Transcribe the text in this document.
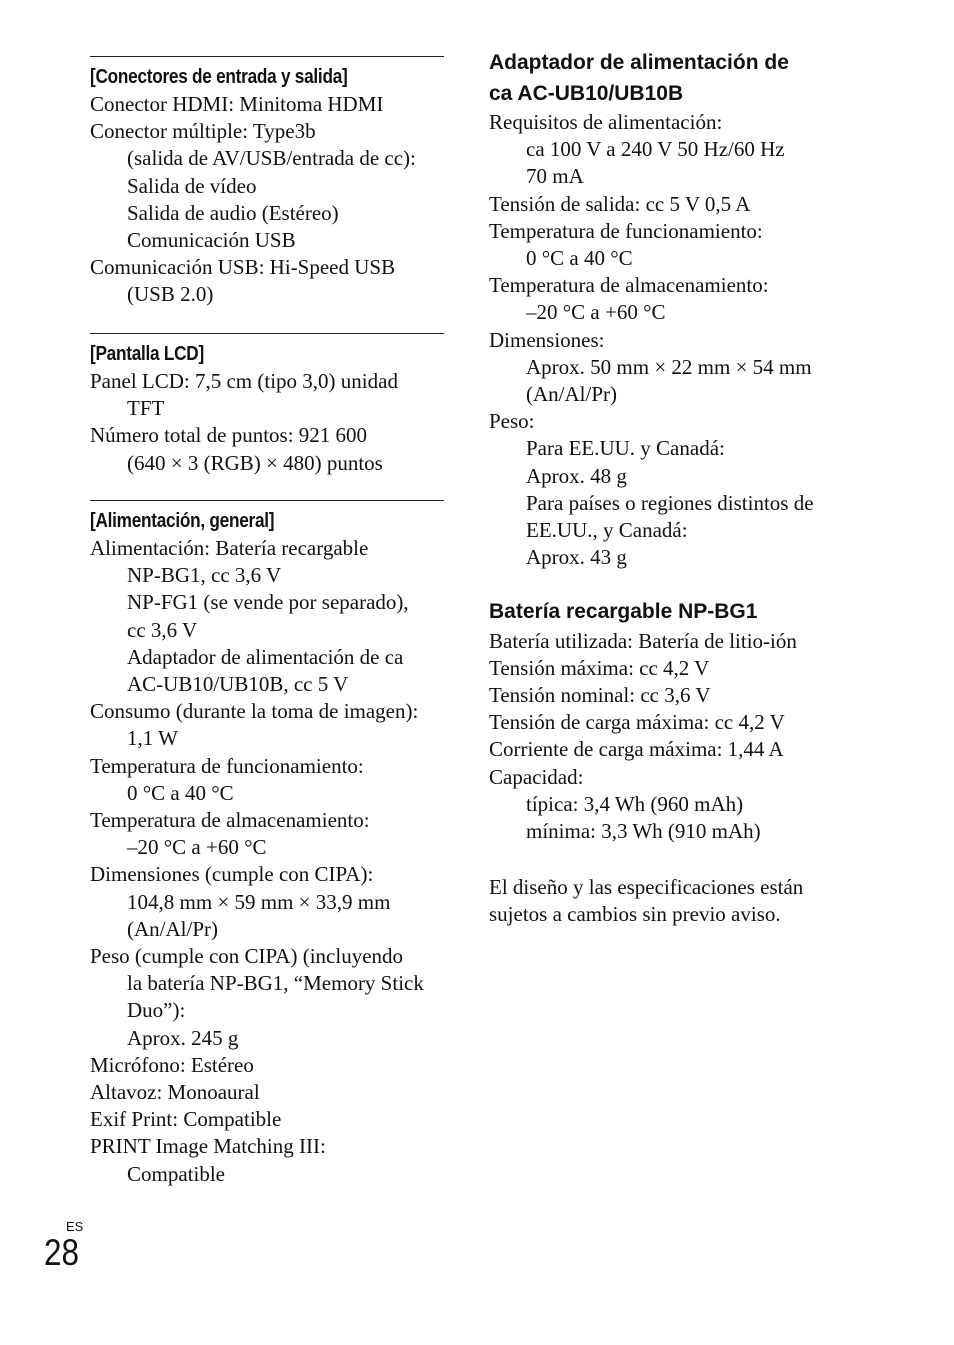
[Conectores de entrada y salida]
Conector HDMI: Minitoma HDMI
Conector múltiple: Type3b
(salida de AV/USB/entrada de cc):
Salida de vídeo
Salida de audio (Estéreo)
Comunicación USB
Comunicación USB: Hi-Speed USB
(USB 2.0)
[Pantalla LCD]
Panel LCD: 7,5 cm (tipo 3,0) unidad
TFT
Número total de puntos: 921 600
(640 × 3 (RGB) × 480) puntos
[Alimentación, general]
Alimentación: Batería recargable
NP-BG1, cc 3,6 V
NP-FG1 (se vende por separado),
cc 3,6 V
Adaptador de alimentación de ca
AC-UB10/UB10B, cc 5 V
Consumo (durante la toma de imagen):
1,1 W
Temperatura de funcionamiento:
0 °C a 40 °C
Temperatura de almacenamiento:
–20 °C a +60 °C
Dimensiones (cumple con CIPA):
104,8 mm × 59 mm × 33,9 mm
(An/Al/Pr)
Peso (cumple con CIPA) (incluyendo
la batería NP-BG1, “Memory Stick
Duo”):
Aprox. 245 g
Micrófono: Estéreo
Altavoz: Monoaural
Exif Print: Compatible
PRINT Image Matching III:
Compatible
Adaptador de alimentación de
ca AC-UB10/UB10B
Requisitos de alimentación:
ca 100 V a 240 V 50 Hz/60 Hz
70 mA
Tensión de salida: cc 5 V 0,5 A
Temperatura de funcionamiento:
0 °C a 40 °C
Temperatura de almacenamiento:
–20 °C a +60 °C
Dimensiones:
Aprox. 50 mm × 22 mm × 54 mm
(An/Al/Pr)
Peso:
Para EE.UU. y Canadá:
Aprox. 48 g
Para países o regiones distintos de
EE.UU., y Canadá:
Aprox. 43 g
Batería recargable NP-BG1
Batería utilizada: Batería de litio-ión
Tensión máxima: cc 4,2 V
Tensión nominal: cc 3,6 V
Tensión de carga máxima: cc 4,2 V
Corriente de carga máxima: 1,44 A
Capacidad:
típica: 3,4 Wh (960 mAh)
mínima: 3,3 Wh (910 mAh)
El diseño y las especificaciones están
sujetos a cambios sin previo aviso.
ES
28
